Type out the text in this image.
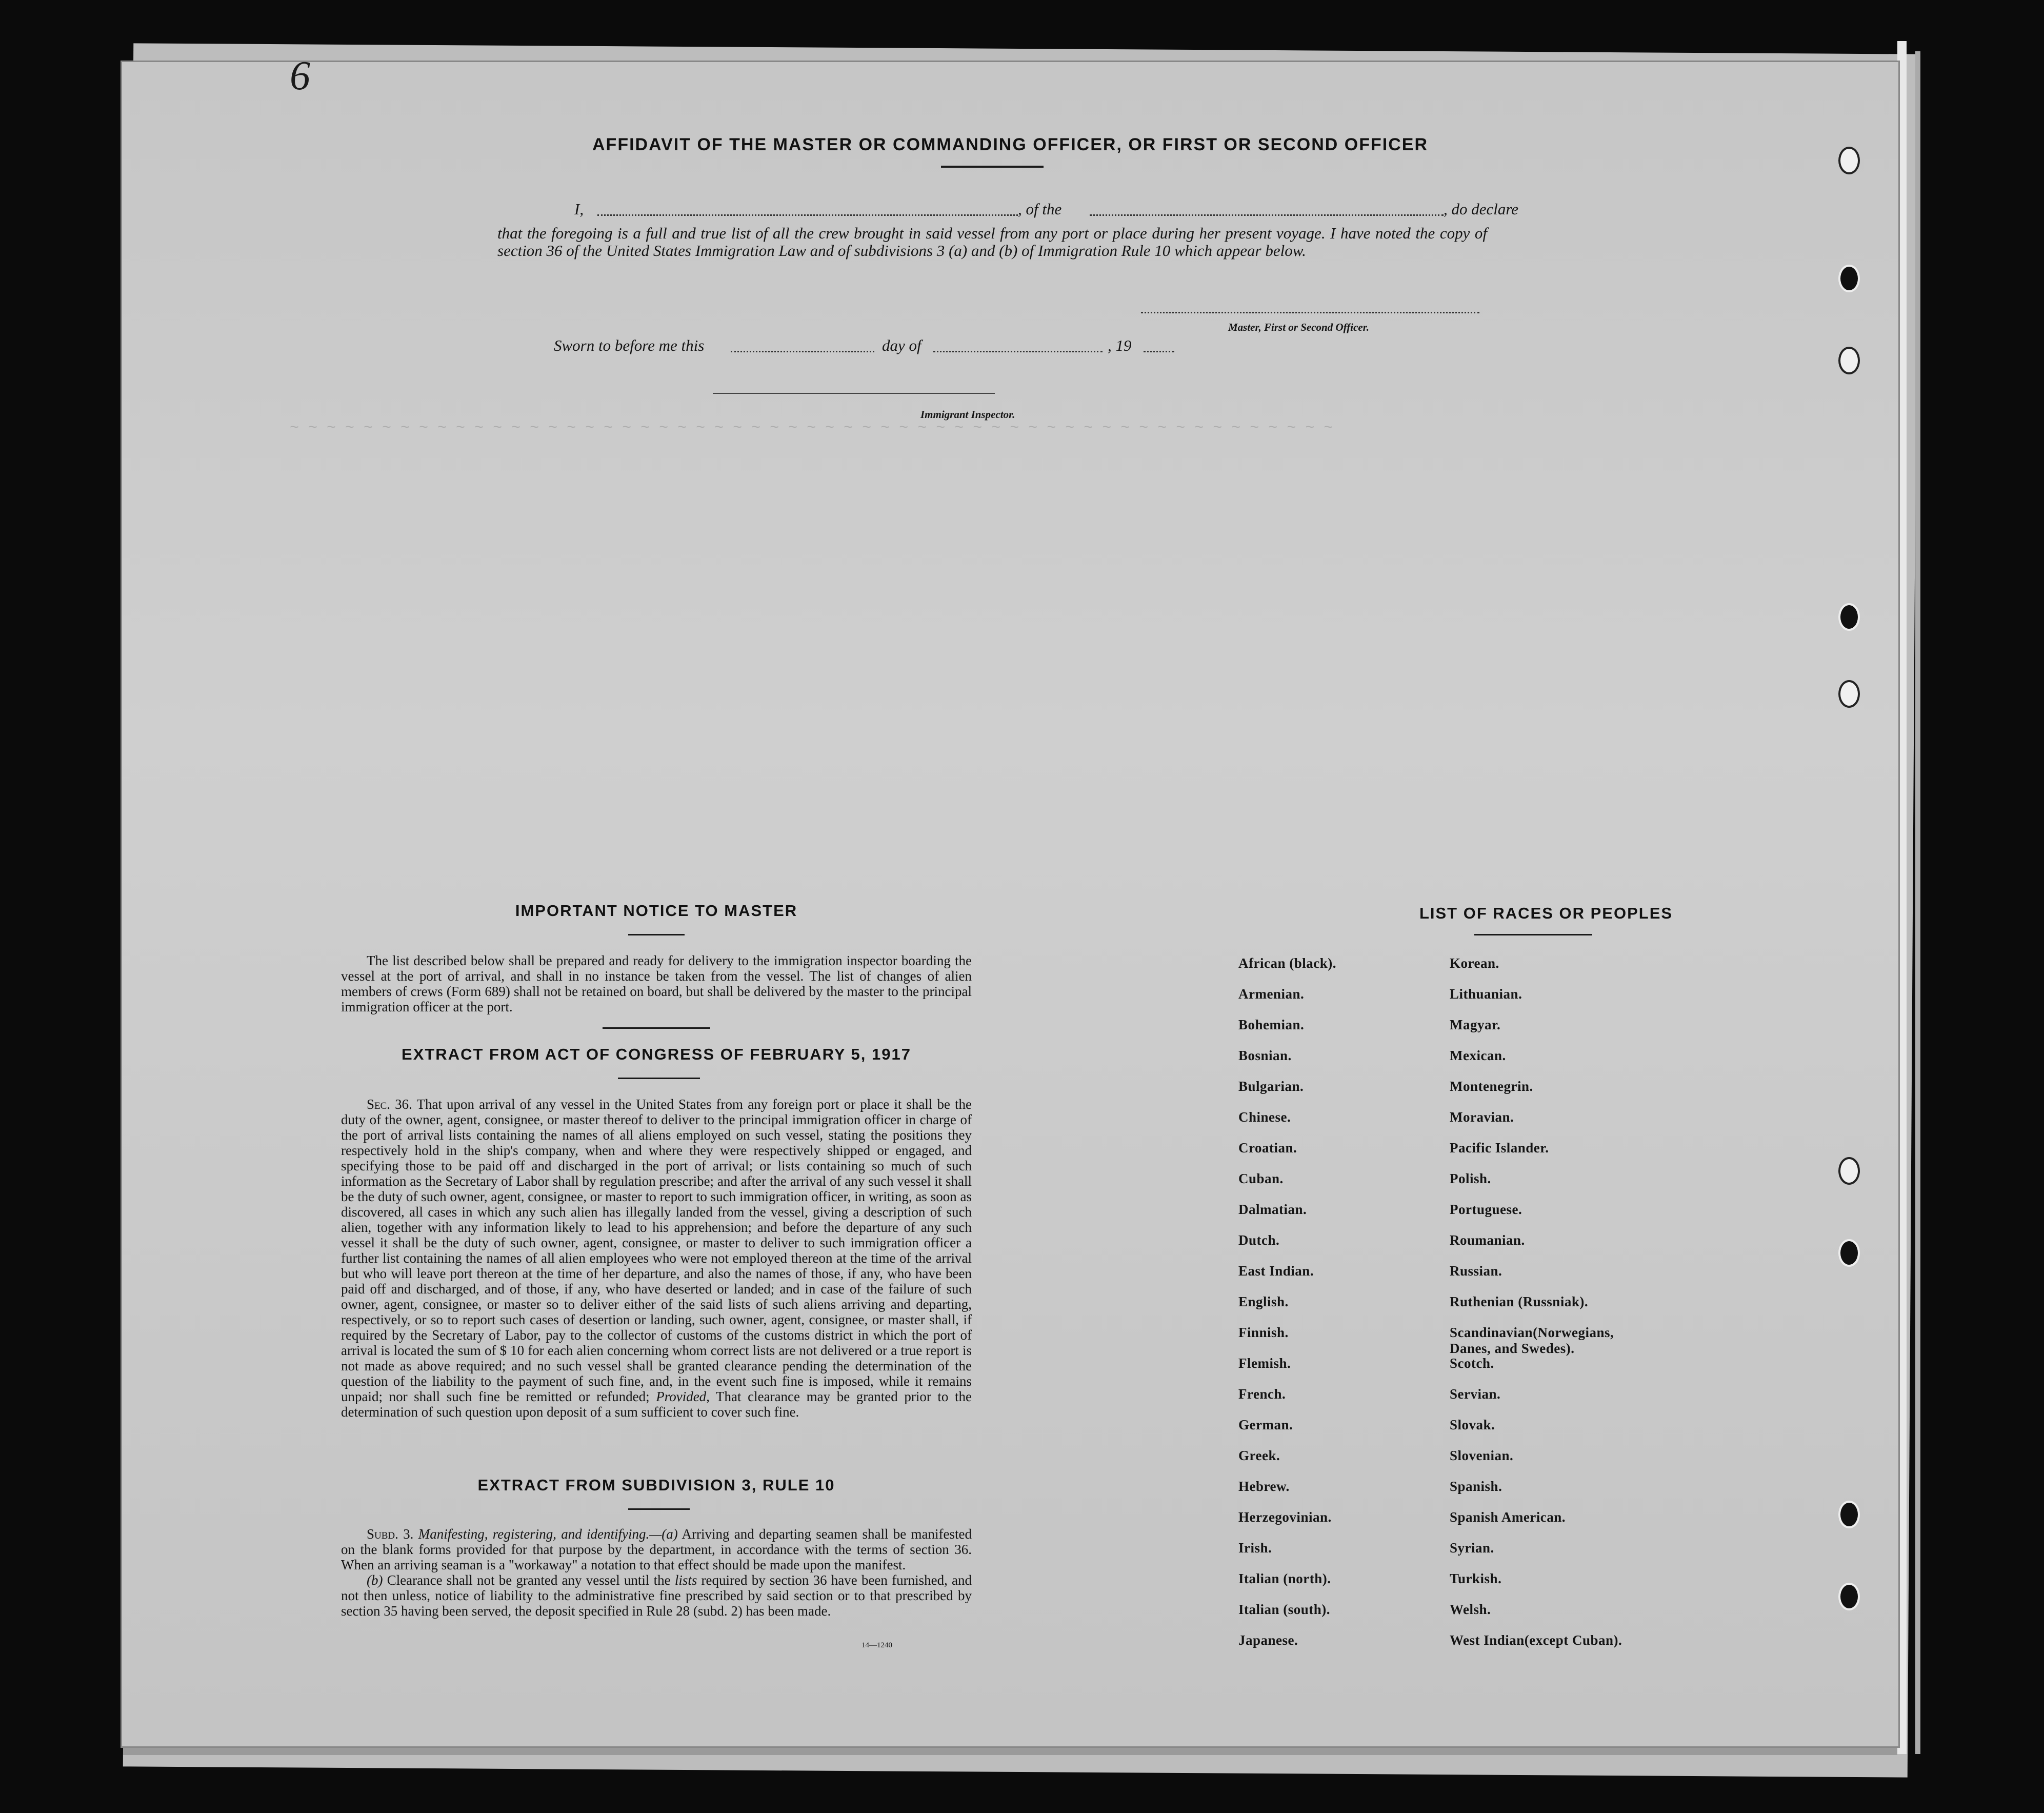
6
~ ~ ~ ~ ~ ~ ~ ~ ~ ~ ~ ~ ~ ~ ~ ~ ~ ~ ~ ~ ~ ~ ~ ~ ~ ~ ~ ~ ~ ~ ~ ~ ~ ~ ~ ~ ~ ~ ~ ~ ~ ~ ~ ~ ~ ~ ~ ~ ~ ~ ~ ~ ~ ~ ~ ~ ~
AFFIDAVIT OF THE MASTER OR COMMANDING OFFICER, OR FIRST OR SECOND OFFICER
I,	, of the	, do declare
that the foregoing is a full and true list of all the crew brought in said vessel from any port or place during her present voyage. I have noted the copy of section 36 of the United States Immigration Law and of subdivisions 3 (a) and (b) of Immigration Rule 10 which appear below.
Master, First or Second Officer.
Sworn to before me this	day of	, 19
Immigrant Inspector.
IMPORTANT NOTICE TO MASTER
The list described below shall be prepared and ready for delivery to the immigration inspector boarding the vessel at the port of arrival, and shall in no instance be taken from the vessel. The list of changes of alien members of crews (Form 689) shall not be retained on board, but shall be delivered by the master to the principal immigration officer at the port.
EXTRACT FROM ACT OF CONGRESS OF FEBRUARY 5, 1917
Sec. 36. That upon arrival of any vessel in the United States from any foreign port or place it shall be the duty of the owner, agent, consignee, or master thereof to deliver to the principal immigration officer in charge of the port of arrival lists containing the names of all aliens employed on such vessel, stating the positions they respectively hold in the ship's company, when and where they were respectively shipped or engaged, and specifying those to be paid off and discharged in the port of arrival; or lists containing so much of such information as the Secretary of Labor shall by regulation prescribe; and after the arrival of any such vessel it shall be the duty of such owner, agent, consignee, or master to report to such immigration officer, in writing, as soon as discovered, all cases in which any such alien has illegally landed from the vessel, giving a description of such alien, together with any information likely to lead to his apprehension; and before the departure of any such vessel it shall be the duty of such owner, agent, consignee, or master to deliver to such immigration officer a further list containing the names of all alien employees who were not employed thereon at the time of the arrival but who will leave port thereon at the time of her departure, and also the names of those, if any, who have been paid off and discharged, and of those, if any, who have deserted or landed; and in case of the failure of such owner, agent, consignee, or master so to deliver either of the said lists of such aliens arriving and departing, respectively, or so to report such cases of desertion or landing, such owner, agent, consignee, or master shall, if required by the Secretary of Labor, pay to the collector of customs of the customs district in which the port of arrival is located the sum of $ 10 for each alien concerning whom correct lists are not delivered or a true report is not made as above required; and no such vessel shall be granted clearance pending the determination of the question of the liability to the payment of such fine, and, in the event such fine is imposed, while it remains unpaid; nor shall such fine be remitted or refunded; Provided, That clearance may be granted prior to the determination of such question upon deposit of a sum sufficient to cover such fine.
EXTRACT FROM SUBDIVISION 3, RULE 10
Subd. 3. Manifesting, registering, and identifying.—(a) Arriving and departing seamen shall be manifested on the blank forms provided for that purpose by the department, in accordance with the terms of section 36. When an arriving seaman is a "workaway" a notation to that effect should be made upon the manifest.
(b) Clearance shall not be granted any vessel until the lists required by section 36 have been furnished, and not then unless, notice of liability to the administrative fine prescribed by said section or to that prescribed by section 35 having been served, the deposit specified in Rule 28 (subd. 2) has been made.
14—1240
LIST OF RACES OR PEOPLES
African (black).
Armenian.
Bohemian.
Bosnian.
Bulgarian.
Chinese.
Croatian.
Cuban.
Dalmatian.
Dutch.
East Indian.
English.
Finnish.
Flemish.
French.
German.
Greek.
Hebrew.
Herzegovinian.
Irish.
Italian (north).
Italian (south).
Japanese.
Korean.
Lithuanian.
Magyar.
Mexican.
Montenegrin.
Moravian.
Pacific Islander.
Polish.
Portuguese.
Roumanian.
Russian.
Ruthenian (Russniak).
Scandinavian(Norwegians, Danes, and Swedes).
Scotch.
Servian.
Slovak.
Slovenian.
Spanish.
Spanish American.
Syrian.
Turkish.
Welsh.
West Indian(except Cuban).
